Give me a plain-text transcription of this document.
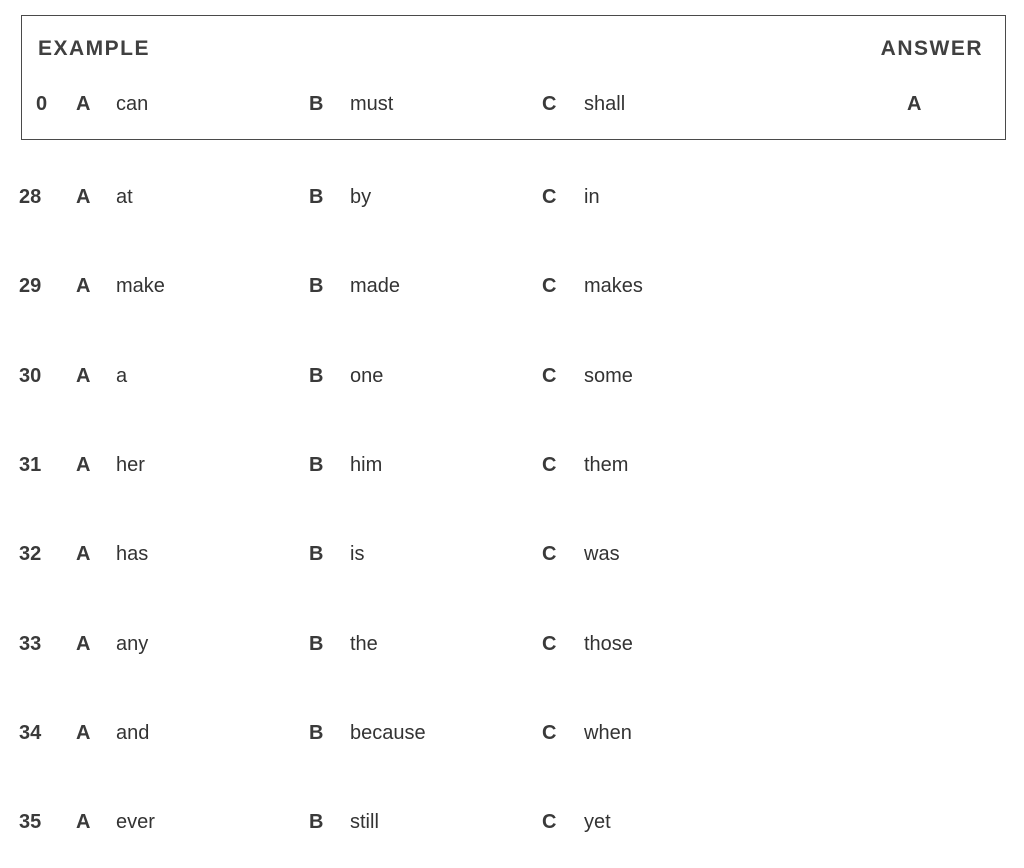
EXAMPLE	ANSWER
0 A can	B must	C shall	A
28 A at	B by	C in
29 A make	B made	C makes
30 A a	B one	C some
31 A her	B him	C them
32 A has	B is	C was
33 A any	B the	C those
34 A and	B because	C when
35 A ever	B still	C yet
